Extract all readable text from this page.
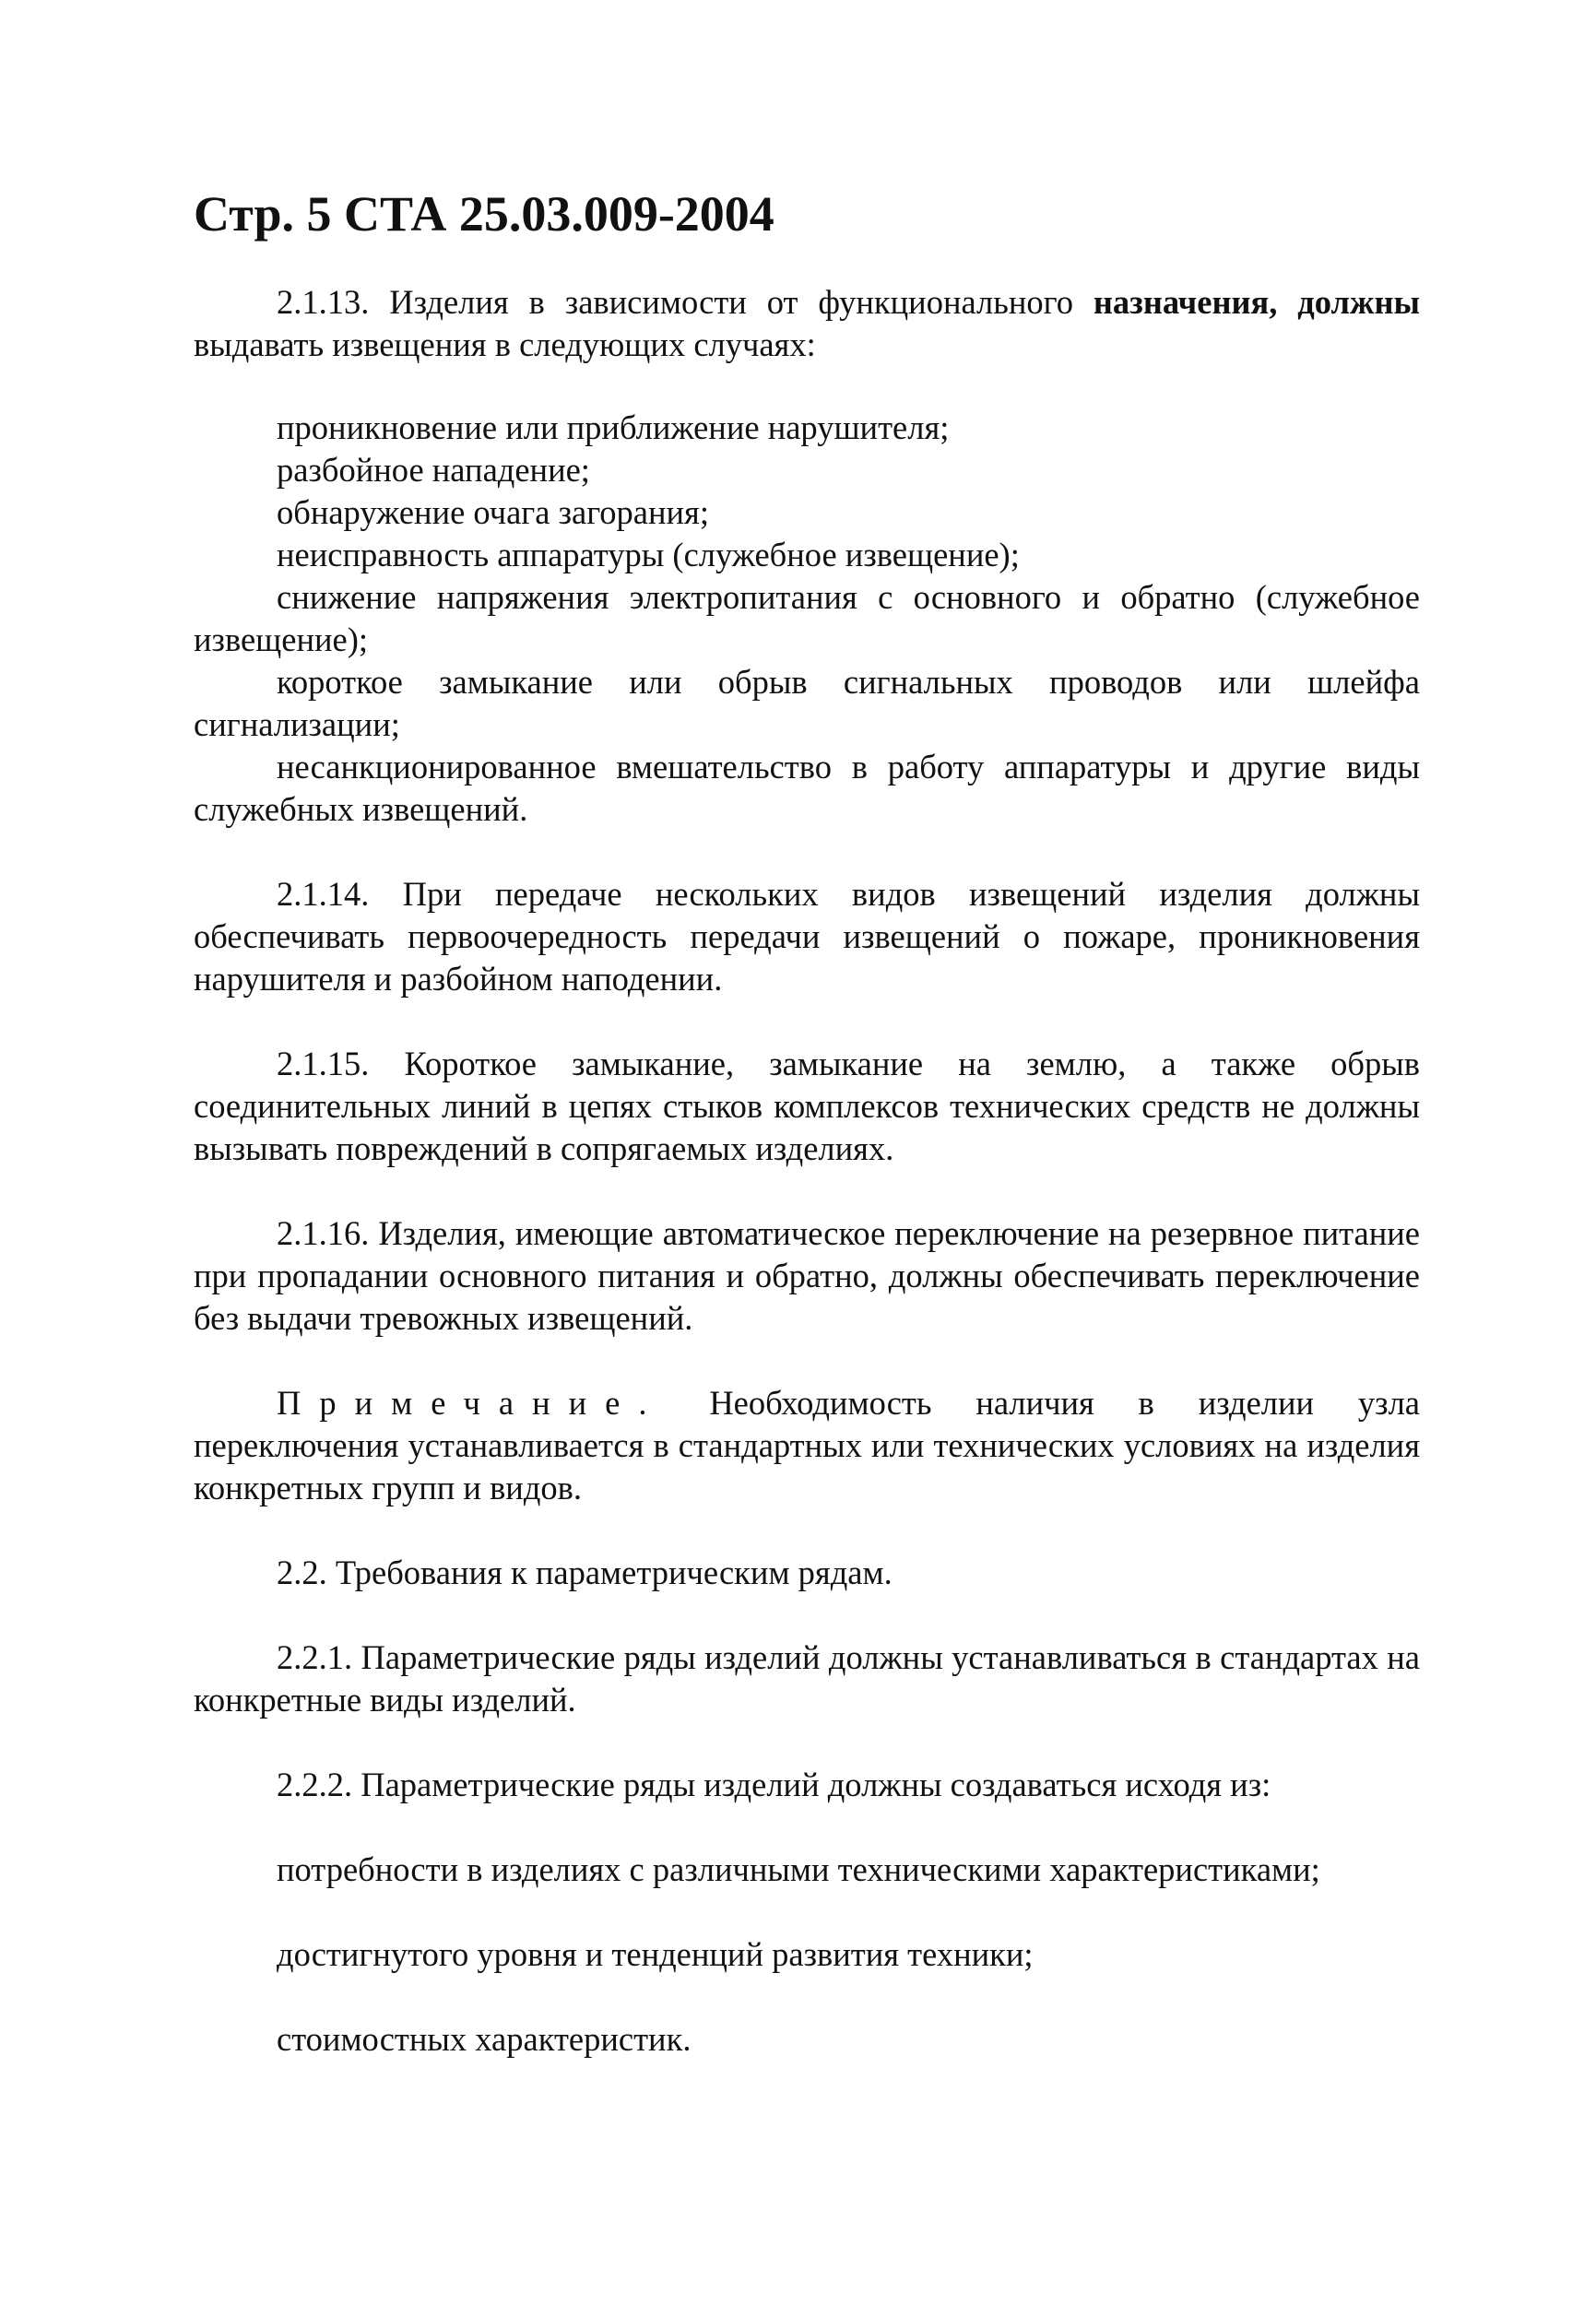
Стр. 5 СТА 25.03.009-2004

2.1.13. Изделия в зависимости от функционального назначения, должны выдавать извещения в следующих случаях:

проникновение или приближение нарушителя;

разбойное нападение;

обнаружение очага загорания;

неисправность аппаратуры (служебное извещение);

снижение напряжения электропитания с основного и обратно (служебное извещение);

короткое замыкание или обрыв сигнальных проводов или шлейфа сигнализации;

несанкционированное вмешательство в работу аппаратуры и другие виды служебных извещений.

2.1.14. При передаче нескольких видов извещений изделия должны обеспечивать первоочередность передачи извещений о пожаре, проникновения нарушителя и разбойном наподении.

2.1.15. Короткое замыкание, замыкание на землю, а также обрыв соединительных линий в цепях стыков комплексов технических средств не должны вызывать повреждений в сопрягаемых изделиях.

2.1.16. Изделия, имеющие автоматическое переключение на резервное питание при пропадании основного питания и обратно, должны обеспечивать переключение без выдачи тревожных извещений.

Примечание. Необходимость наличия в изделии узла переключения устанавливается в стандартных или технических условиях на изделия конкретных групп и видов.

2.2. Требования к параметрическим рядам.

2.2.1. Параметрические ряды изделий должны устанавливаться в стандартах на конкретные виды изделий.

2.2.2. Параметрические ряды изделий должны создаваться исходя из:

потребности в изделиях с различными техническими характеристиками;

достигнутого уровня и тенденций развития техники;

стоимостных характеристик.
